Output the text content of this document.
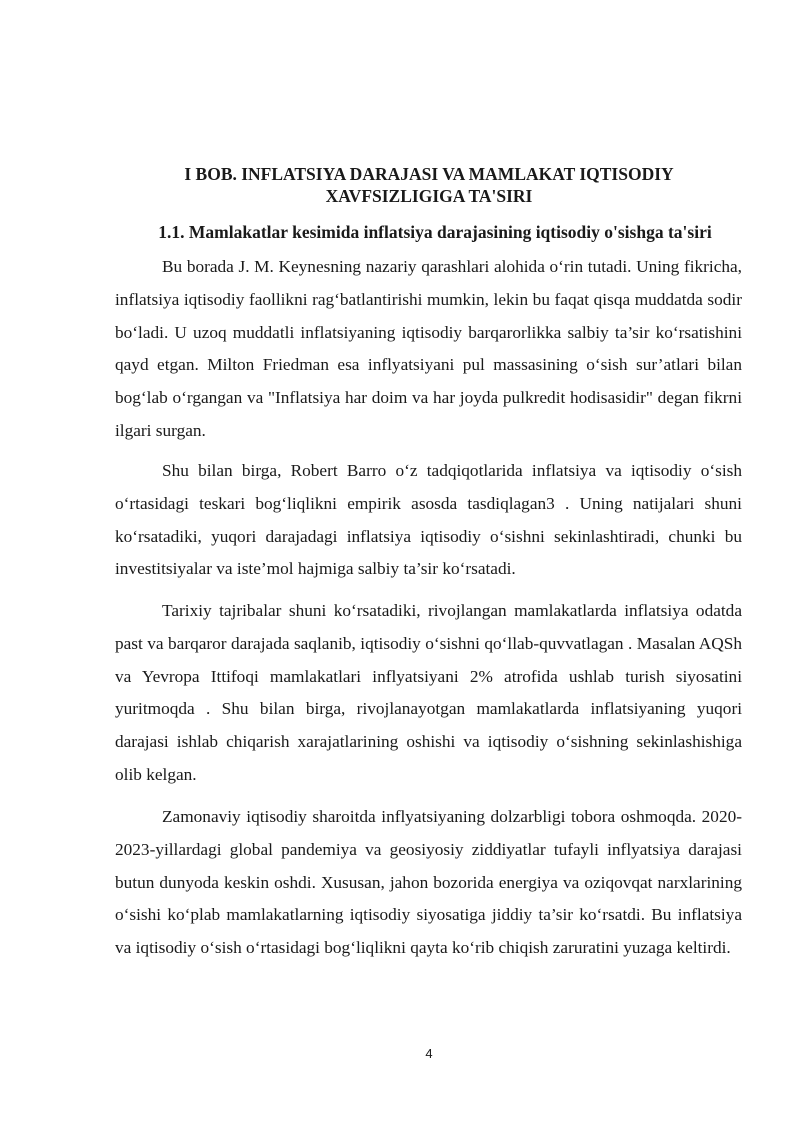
I BOB. INFLATSIYA DARAJASI VA MAMLAKAT IQTISODIY
XAVFSIZLIGIGA TA'SIRI
1.1. Mamlakatlar kesimida inflatsiya darajasining iqtisodiy o'sishga ta'siri

Bu borada J. M. Keynesning nazariy qarashlari alohida o‘rin tutadi. Uning fikricha, inflatsiya iqtisodiy faollikni rag‘batlantirishi mumkin, lekin bu faqat qisqa muddatda sodir bo‘ladi. U uzoq muddatli inflatsiyaning iqtisodiy barqarorlikka salbiy ta’sir ko‘rsatishini qayd etgan. Milton Friedman esa inflyatsiyani pul massasining o‘sish sur’atlari bilan bog‘lab o‘rgangan va "Inflatsiya har doim va har joyda pulkredit hodisasidir" degan fikrni ilgari surgan.

Shu bilan birga, Robert Barro o‘z tadqiqotlarida inflatsiya va iqtisodiy o‘sish o‘rtasidagi teskari bog‘liqlikni empirik asosda tasdiqlagan3 . Uning natijalari shuni ko‘rsatadiki, yuqori darajadagi inflatsiya iqtisodiy o‘sishni sekinlashtiradi, chunki bu investitsiyalar va iste’mol hajmiga salbiy ta’sir ko‘rsatadi.

Tarixiy tajribalar shuni ko‘rsatadiki, rivojlangan mamlakatlarda inflatsiya odatda past va barqaror darajada saqlanib, iqtisodiy o‘sishni qo‘llab-quvvatlagan . Masalan AQSh va Yevropa Ittifoqi mamlakatlari inflyatsiyani 2% atrofida ushlab turish siyosatini yuritmoqda . Shu bilan birga, rivojlanayotgan mamlakatlarda inflatsiyaning yuqori darajasi ishlab chiqarish xarajatlarining oshishi va iqtisodiy o‘sishning sekinlashishiga olib kelgan.

Zamonaviy iqtisodiy sharoitda inflyatsiyaning dolzarbligi tobora oshmoqda. 2020-2023-yillardagi global pandemiya va geosiyosiy ziddiyatlar tufayli inflyatsiya darajasi butun dunyoda keskin oshdi. Xususan, jahon bozorida energiya va oziqovqat narxlarining o‘sishi ko‘plab mamlakatlarning iqtisodiy siyosatiga jiddiy ta’sir ko‘rsatdi. Bu inflatsiya va iqtisodiy o‘sish o‘rtasidagi bog‘liqlikni qayta ko‘rib chiqish zaruratini yuzaga keltirdi.

4
